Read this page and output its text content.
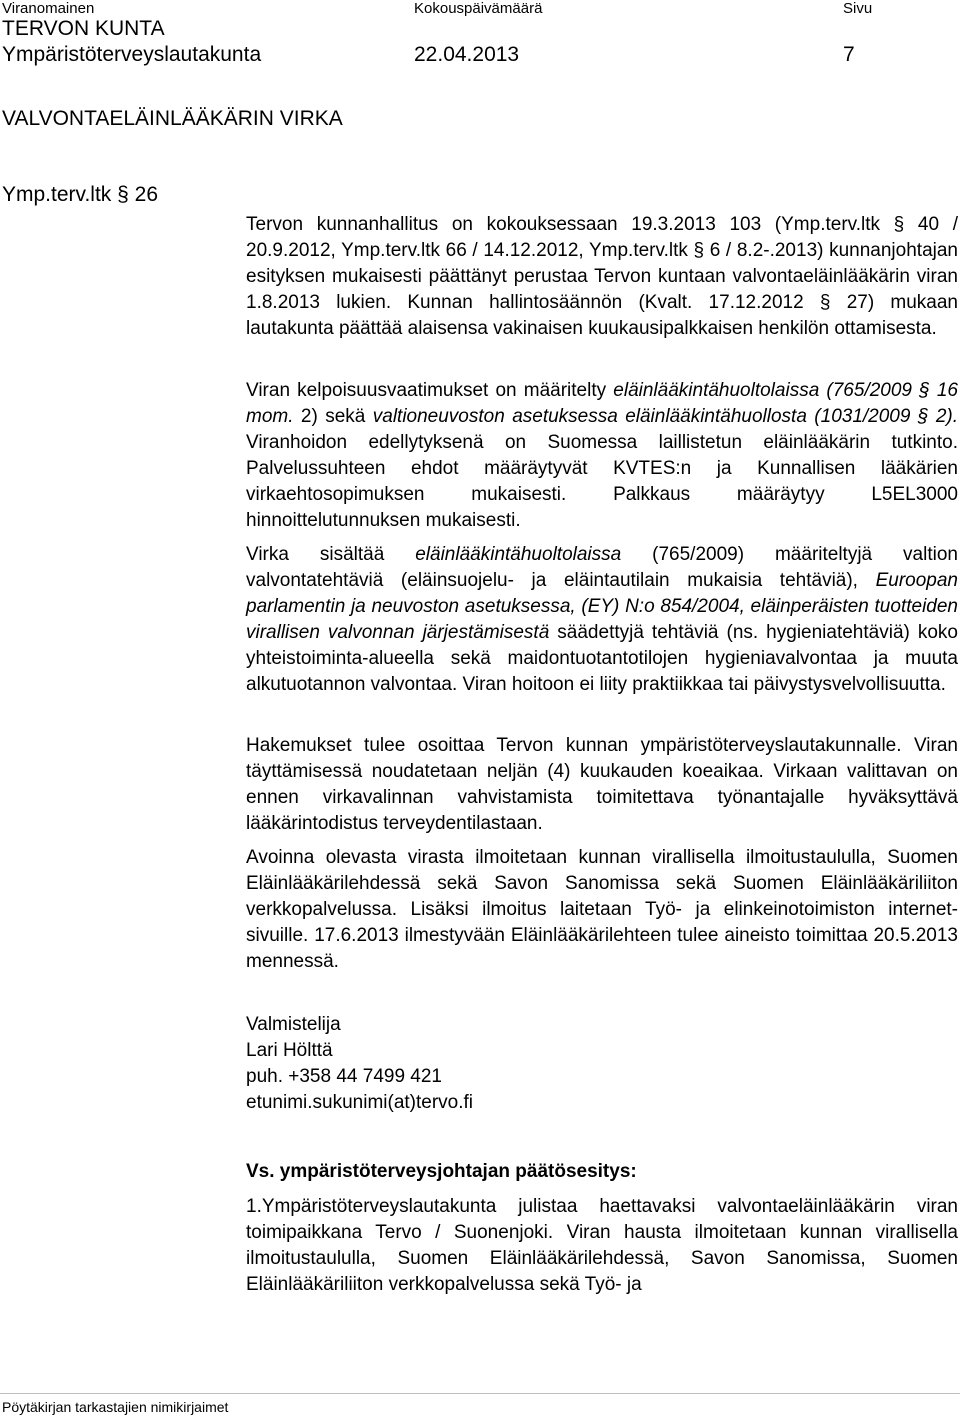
Viranomainen	Kokouspäivämäärä	Sivu
TERVON KUNTA
Ympäristöterveyslautakunta	22.04.2013	7
VALVONTAELÄINLÄÄKÄRIN VIRKA
Ymp.terv.ltk § 26

Tervon kunnanhallitus on kokouksessaan 19.3.2013 103 (Ymp.terv.ltk § 40 / 20.9.2012, Ymp.terv.ltk 66 / 14.12.2012, Ymp.terv.ltk § 6 / 8.2-.2013) kunnanjohtajan esityksen mukaisesti päättänyt perustaa Tervon kuntaan valvontaeläinlääkärin viran 1.8.2013 lukien. Kunnan hallintosäännön (Kvalt. 17.12.2012 § 27) mukaan lautakunta päättää alaisensa vakinaisen kuukausipalkkaisen henkilön ottamisesta.

Viran kelpoisuusvaatimukset on määritelty eläinlääkintähuoltolaissa (765/2009 § 16 mom. 2) sekä valtioneuvoston asetuksessa eläinlääkintähuollosta (1031/2009 § 2). Viranhoidon edellytyksenä on Suomessa laillistetun eläinlääkärin tutkinto. Palvelussuhteen ehdot määräytyvät KVTES:n ja Kunnallisen lääkärien virkaehtosopimuksen mukaisesti. Palkkaus määräytyy L5EL3000 hinnoittelutunnuksen mukaisesti.

Virka sisältää eläinlääkintähuoltolaissa (765/2009) määriteltyjä valtion valvontatehtäviä (eläinsuojelu- ja eläintautilain mukaisia tehtäviä), Euroopan parlamentin ja neuvoston asetuksessa, (EY) N:o 854/2004, eläinperäisten tuotteiden virallisen valvonnan järjestämisestä säädettyjä tehtäviä (ns. hygieniatehtäviä) koko yhteistoiminta-alueella sekä maidontuotantotilojen hygieniavalvontaa ja muuta alkutuotannon valvontaa. Viran hoitoon ei liity praktiikkaa tai päivystysvelvollisuutta.

Hakemukset tulee osoittaa Tervon kunnan ympäristöterveyslautakunnalle. Viran täyttämisessä noudatetaan neljän (4) kuukauden koeaikaa. Virkaan valittavan on ennen virkavalinnan vahvistamista toimitettava työnantajalle hyväksyttävä lääkärintodistus terveydentilastaan.

Avoinna olevasta virasta ilmoitetaan kunnan virallisella ilmoitustaululla, Suomen Eläinlääkärilehdessä sekä Savon Sanomissa sekä Suomen Eläinlääkäriliiton verkkopalvelussa. Lisäksi ilmoitus laitetaan Työ- ja elinkeinotoimiston internet-sivuille. 17.6.2013 ilmestyvään Eläinlääkärilehteen tulee aineisto toimittaa 20.5.2013 mennessä.

Valmistelija
Lari Hölttä
puh. +358 44 7499 421
etunimi.sukunimi(at)tervo.fi
Vs. ympäristöterveysjohtajan päätösesitys:

1.Ympäristöterveyslautakunta julistaa haettavaksi valvontaeläinlääkärin viran toimipaikkana Tervo / Suonenjoki. Viran hausta ilmoitetaan kunnan virallisella ilmoitustaululla, Suomen Eläinlääkärilehdessä, Savon Sanomissa, Suomen Eläinlääkäriliiton verkkopalvelussa sekä Työ- ja

Pöytäkirjan tarkastajien nimikirjaimet
